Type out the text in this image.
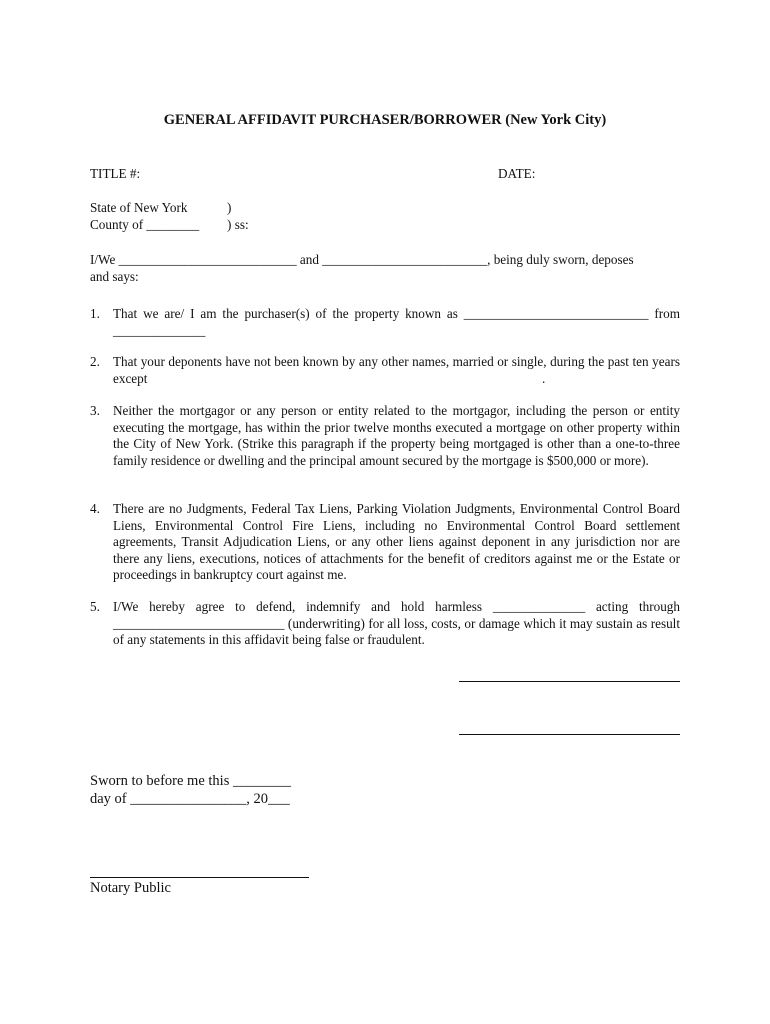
GENERAL AFFIDAVIT PURCHASER/BORROWER (New York City)
TITLE #:	DATE:
State of New York	)
County of ________ ) ss:
I/We ___________________________ and _________________________, being duly sworn, deposes
and says:
1. That we are/ I am the purchaser(s) of the property known as ____________________________ from ______________
2. That your deponents have not been known by any other names, married or single, during the past ten years except	.
3. Neither the mortgagor or any person or entity related to the mortgagor, including the person or entity executing the mortgage, has within the prior twelve months executed a mortgage on other property within the City of New York. (Strike this paragraph if the property being mortgaged is other than a one-to-three family residence or dwelling and the principal amount secured by the mortgage is $500,000 or more).
4. There are no Judgments, Federal Tax Liens, Parking Violation Judgments, Environmental Control Board Liens, Environmental Control Fire Liens, including no Environmental Control Board settlement agreements, Transit Adjudication Liens, or any other liens against deponent in any jurisdiction nor are there any liens, executions, notices of attachments for the benefit of creditors against me or the Estate or proceedings in bankruptcy court against me.
5. I/We hereby agree to defend, indemnify and hold harmless ______________ acting through __________________________ (underwriting) for all loss, costs, or damage which it may sustain as result of any statements in this affidavit being false or fraudulent.
Sworn to before me this ________
day of ________________, 20___
Notary Public
